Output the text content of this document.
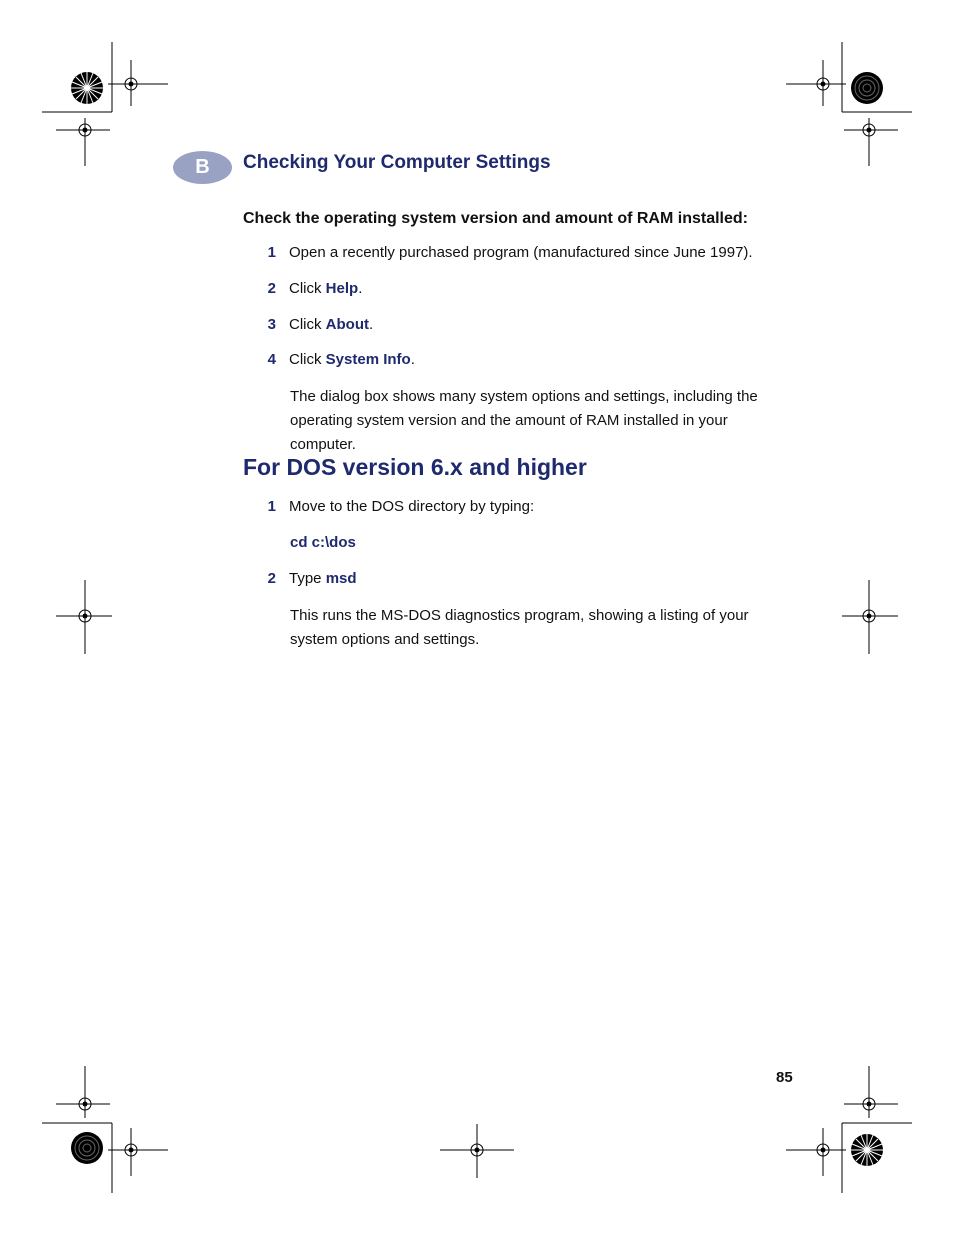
B Checking Your Computer Settings
Check the operating system version and amount of RAM installed:
1 Open a recently purchased program (manufactured since June 1997).
2 Click Help.
3 Click About.
4 Click System Info.
The dialog box shows many system options and settings, including the operating system version and the amount of RAM installed in your computer.
For DOS version 6.x and higher
1 Move to the DOS directory by typing:
cd c:\dos
2 Type msd
This runs the MS-DOS diagnostics program, showing a listing of your system options and settings.
85
